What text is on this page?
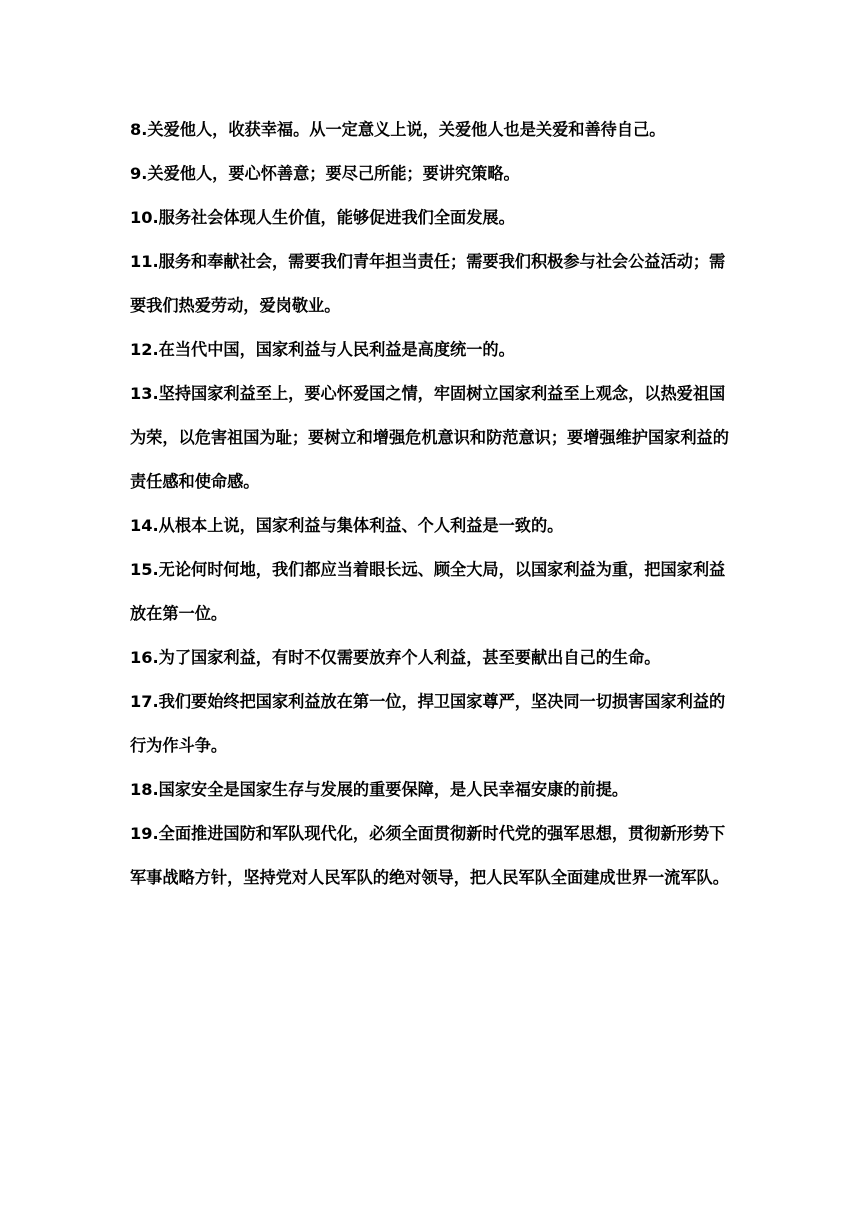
8.关爱他人，收获幸福。从一定意义上说，关爱他人也是关爱和善待自己。

9.关爱他人，要心怀善意；要尽己所能；要讲究策略。

10.服务社会体现人生价值，能够促进我们全面发展。

11.服务和奉献社会，需要我们青年担当责任；需要我们积极参与社会公益活动；需要我们热爱劳动，爱岗敬业。

12.在当代中国，国家利益与人民利益是高度统一的。

13.坚持国家利益至上，要心怀爱国之情，牢固树立国家利益至上观念，以热爱祖国为荣，以危害祖国为耻；要树立和增强危机意识和防范意识；要增强维护国家利益的责任感和使命感。

14.从根本上说，国家利益与集体利益、个人利益是一致的。

15.无论何时何地，我们都应当着眼长远、顾全大局，以国家利益为重，把国家利益放在第一位。

16.为了国家利益，有时不仅需要放弃个人利益，甚至要献出自己的生命。

17.我们要始终把国家利益放在第一位，捍卫国家尊严，坚决同一切损害国家利益的行为作斗争。

18.国家安全是国家生存与发展的重要保障，是人民幸福安康的前提。

19.全面推进国防和军队现代化，必须全面贯彻新时代党的强军思想，贯彻新形势下军事战略方针，坚持党对人民军队的绝对领导，把人民军队全面建成世界一流军队。
